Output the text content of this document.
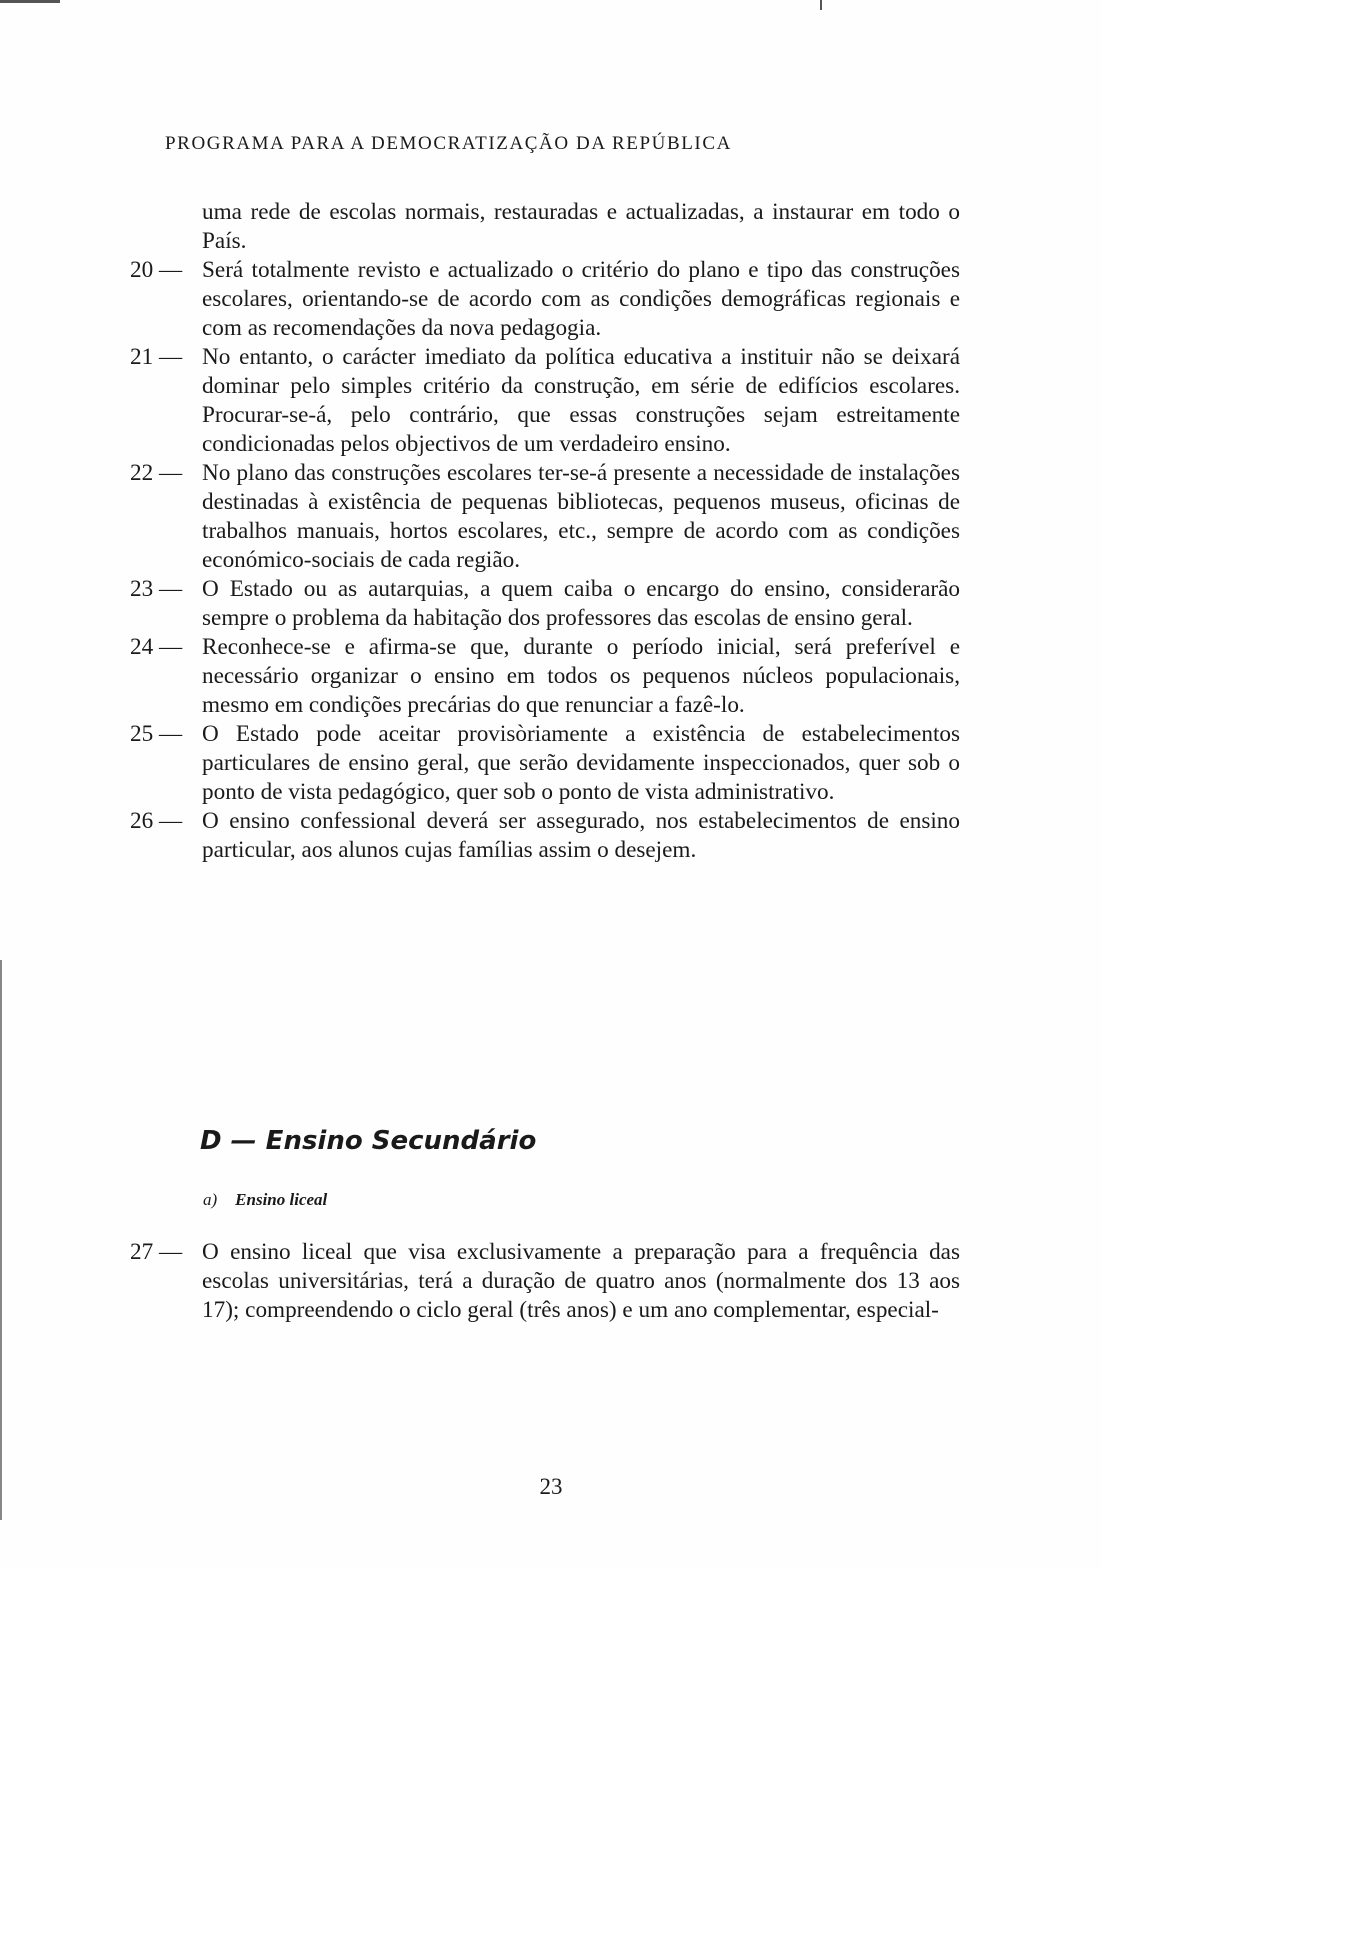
PROGRAMA PARA A DEMOCRATIZAÇÃO DA REPÚBLICA
uma rede de escolas normais, restauradas e actualizadas, a instaurar em todo o País.
20 — Será totalmente revisto e actualizado o critério do plano e tipo das construções escolares, orientando-se de acordo com as condições demográficas regionais e com as recomendações da nova pedagogia.
21 — No entanto, o carácter imediato da política educativa a instituir não se deixará dominar pelo simples critério da construção, em série de edifícios escolares. Procurar-se-á, pelo contrário, que essas construções sejam estreitamente condicionadas pelos objectivos de um verdadeiro ensino.
22 — No plano das construções escolares ter-se-á presente a necessidade de instalações destinadas à existência de pequenas bibliotecas, pequenos museus, oficinas de trabalhos manuais, hortos escolares, etc., sempre de acordo com as condições económico-sociais de cada região.
23 — O Estado ou as autarquias, a quem caiba o encargo do ensino, considerarão sempre o problema da habitação dos professores das escolas de ensino geral.
24 — Reconhece-se e afirma-se que, durante o período inicial, será preferível e necessário organizar o ensino em todos os pequenos núcleos populacionais, mesmo em condições precárias do que renunciar a fazê-lo.
25 — O Estado pode aceitar provisòriamente a existência de estabelecimentos particulares de ensino geral, que serão devidamente inspeccionados, quer sob o ponto de vista pedagógico, quer sob o ponto de vista administrativo.
26 — O ensino confessional deverá ser assegurado, nos estabelecimentos de ensino particular, aos alunos cujas famílias assim o desejem.
D — Ensino Secundário
a) Ensino liceal
27 — O ensino liceal que visa exclusivamente a preparação para a frequência das escolas universitárias, terá a duração de quatro anos (normalmente dos 13 aos 17); compreendendo o ciclo geral (três anos) e um ano complementar, especial-
23
